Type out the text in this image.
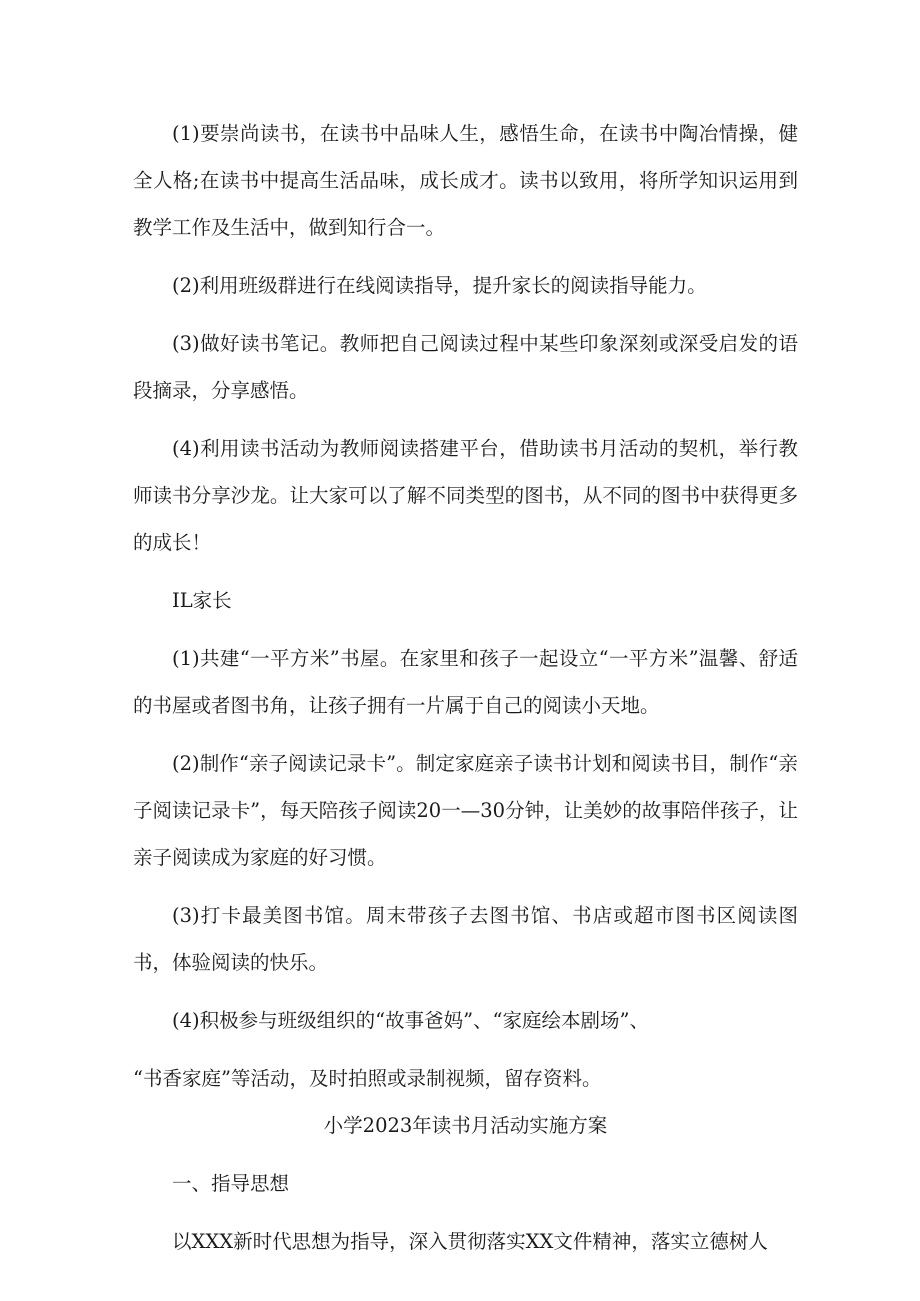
(1)要崇尚读书，在读书中品味人生，感悟生命，在读书中陶冶情操，健全人格;在读书中提高生活品味，成长成才。读书以致用，将所学知识运用到教学工作及生活中，做到知行合一。

(2)利用班级群进行在线阅读指导，提升家长的阅读指导能力。

(3)做好读书笔记。教师把自己阅读过程中某些印象深刻或深受启发的语段摘录，分享感悟。

(4)利用读书活动为教师阅读搭建平台，借助读书月活动的契机，举行教师读书分享沙龙。让大家可以了解不同类型的图书，从不同的图书中获得更多的成长！

IL家长

(1)共建“一平方米”书屋。在家里和孩子一起设立“一平方米”温馨、舒适的书屋或者图书角，让孩子拥有一片属于自己的阅读小天地。

(2)制作“亲子阅读记录卡”。制定家庭亲子读书计划和阅读书目，制作“亲子阅读记录卡”，每天陪孩子阅读20一—30分钟，让美妙的故事陪伴孩子，让亲子阅读成为家庭的好习惯。

(3)打卡最美图书馆。周末带孩子去图书馆、书店或超市图书区阅读图书，体验阅读的快乐。

(4)积极参与班级组织的“故事爸妈”、“家庭绘本剧场”、

“书香家庭”等活动，及时拍照或录制视频，留存资料。

小学2023年读书月活动实施方案

一、指导思想

以XXX新时代思想为指导，深入贯彻落实XX文件精神，落实立德树人
